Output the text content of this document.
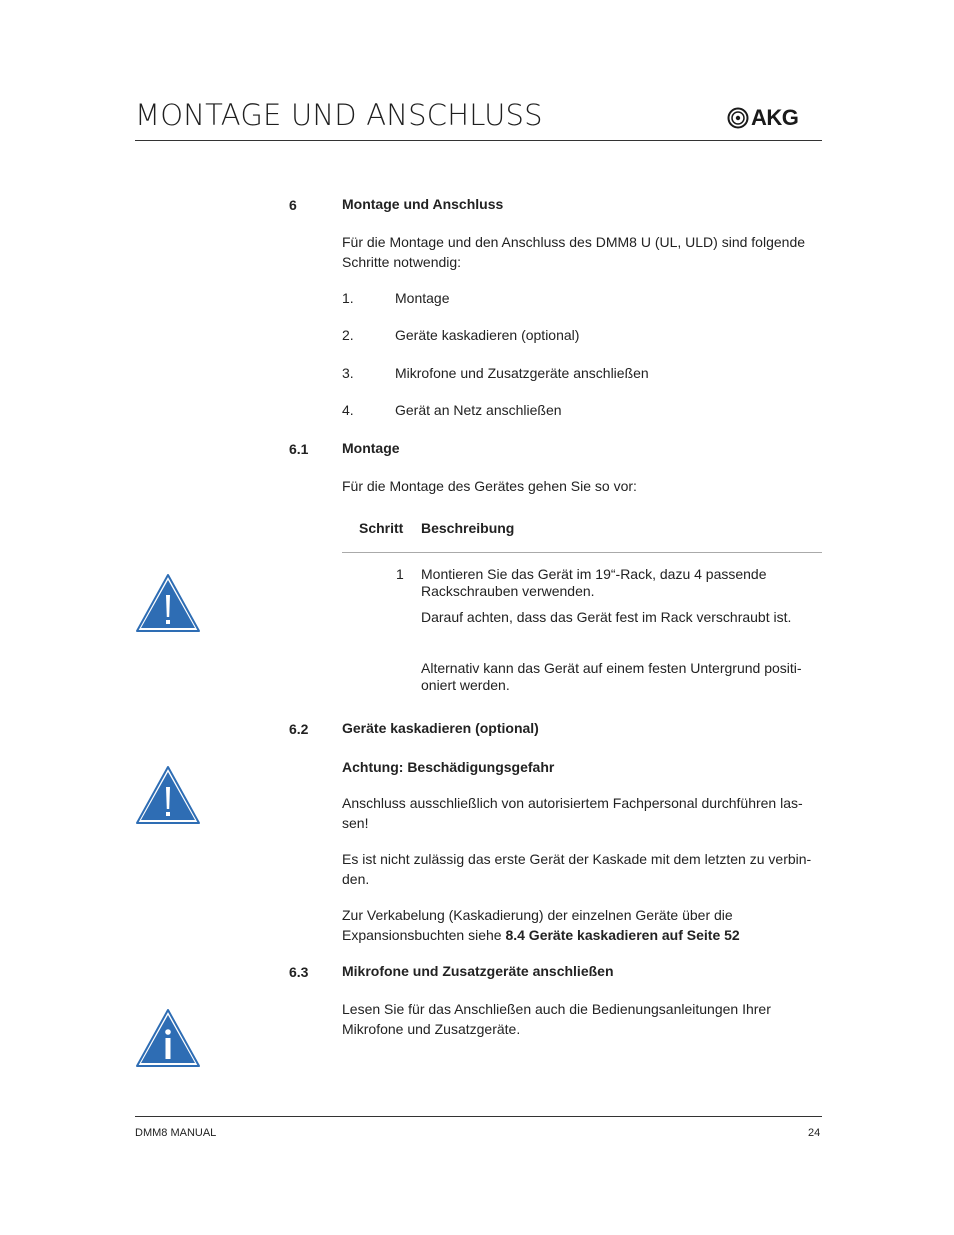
MONTAGE UND ANSCHLUSS	AKG
6	Montage und Anschluss
Für die Montage und den Anschluss des DMM8 U (UL, ULD) sind folgende Schritte notwendig:
1.	Montage
2.	Geräte kaskadieren (optional)
3.	Mikrofone und Zusatzgeräte anschließen
4.	Gerät an Netz anschließen
6.1 Montage
Für die Montage des Gerätes gehen Sie so vor:
Schritt Beschreibung
1 Montieren Sie das Gerät im 19“-Rack, dazu 4 passende Rackschrauben verwenden.
Darauf achten, dass das Gerät fest im Rack verschraubt ist.
Alternativ kann das Gerät auf einem festen Untergrund positi-oniert werden.
6.2 Geräte kaskadieren (optional)
Achtung: Beschädigungsgefahr
Anschluss ausschließlich von autorisiertem Fachpersonal durchführen las-sen!
Es ist nicht zulässig das erste Gerät der Kaskade mit dem letzten zu verbin-den.
Zur Verkabelung (Kaskadierung) der einzelnen Geräte über die Expansionsbuchten siehe 8.4 Geräte kaskadieren auf Seite 52
6.3 Mikrofone und Zusatzgeräte anschließen
Lesen Sie für das Anschließen auch die Bedienungsanleitungen Ihrer Mikrofone und Zusatzgeräte.
DMM8 MANUAL	24
